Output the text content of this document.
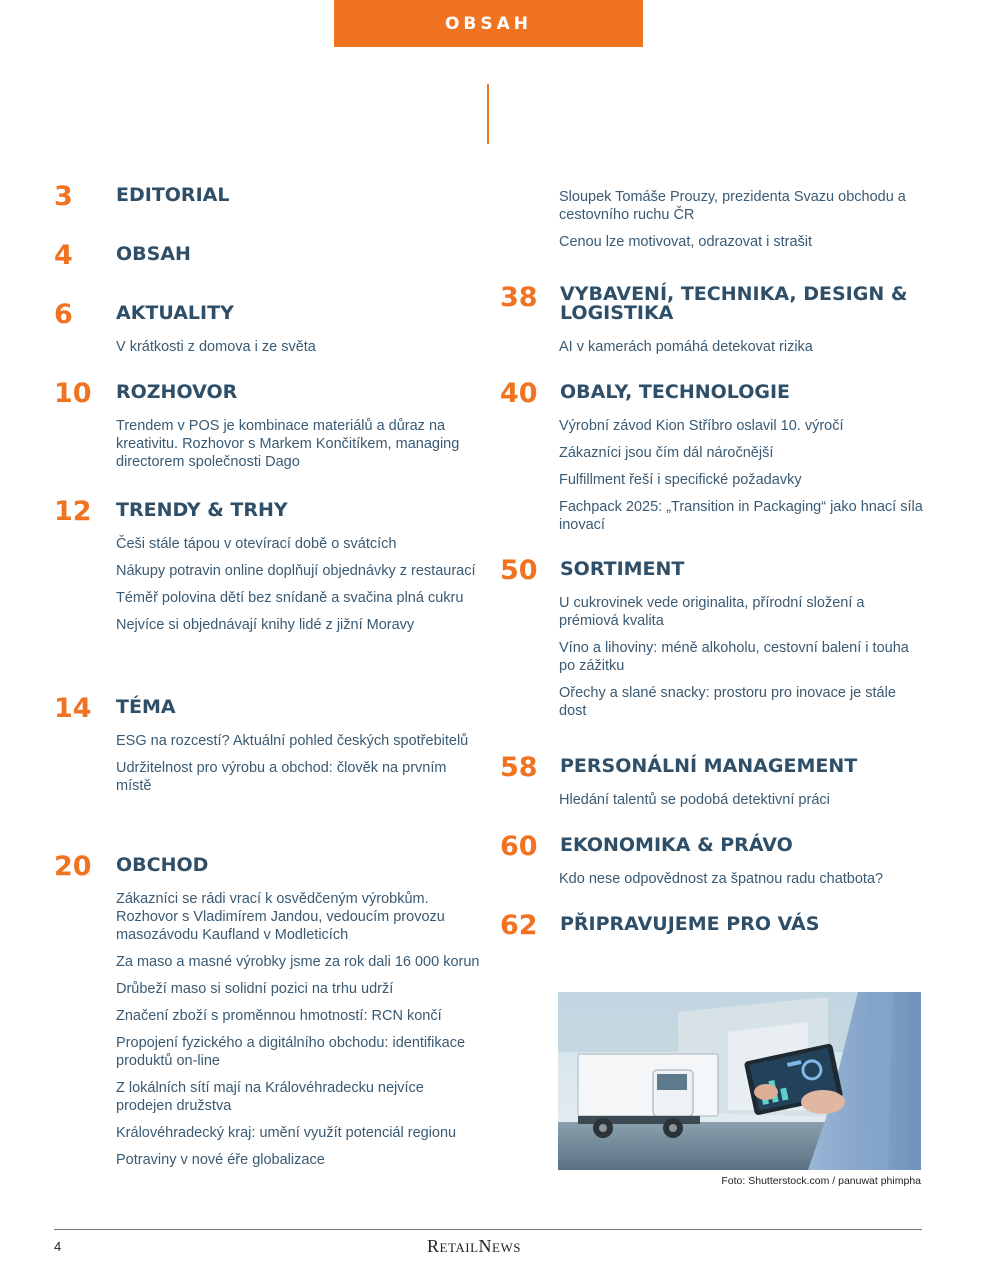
OBSAH
3 EDITORIAL
4 OBSAH
6 AKTUALITY
V krátkosti z domova i ze světa
10 ROZHOVOR
Trendem v POS je kombinace materiálů a důraz na kreativitu. Rozhovor s Markem Končitíkem, managing directorem společnosti Dago
12 TRENDY & TRHY
Češi stále tápou v otevírací době o svátcích
Nákupy potravin online doplňují objednávky z restaurací
Téměř polovina dětí bez snídaně a svačina plná cukru
Nejvíce si objednávají knihy lidé z jižní Moravy
14 TÉMA
ESG na rozcestí? Aktuální pohled českých spotřebitelů
Udržitelnost pro výrobu a obchod: člověk na prvním místě
20 OBCHOD
Zákazníci se rádi vrací k osvědčeným výrobkům. Rozhovor s Vladimírem Jandou, vedoucím provozu masozávodu Kaufland v Modleticích
Za maso a masné výrobky jsme za rok dali 16 000 korun
Drůbeží maso si solidní pozici na trhu udrží
Značení zboží s proměnnou hmotností: RCN končí
Propojení fyzického a digitálního obchodu: identifikace produktů on-line
Z lokálních sítí mají na Královéhradecku nejvíce prodejen družstva
Královéhradecký kraj: umění využít potenciál regionu
Potraviny v nové éře globalizace
Sloupek Tomáše Prouzy, prezidenta Svazu obchodu a cestovního ruchu ČR
Cenou lze motivovat, odrazovat i strašit
38 VYBAVENÍ, TECHNIKA, DESIGN & LOGISTIKA
AI v kamerách pomáhá detekovat rizika
40 OBALY, TECHNOLOGIE
Výrobní závod Kion Stříbro oslavil 10. výročí
Zákazníci jsou čím dál náročnější
Fulfillment řeší i specifické požadavky
Fachpack 2025: „Transition in Packaging“ jako hnací síla inovací
50 SORTIMENT
U cukrovinek vede originalita, přírodní složení a prémiová kvalita
Víno a lihoviny: méně alkoholu, cestovní balení i touha po zážitku
Ořechy a slané snacky: prostoru pro inovace je stále dost
58 PERSONÁLNÍ MANAGEMENT
Hledání talentů se podobá detektivní práci
60 EKONOMIKA & PRÁVO
Kdo nese odpovědnost za špatnou radu chatbota?
62 PŘIPRAVUJEME PRO VÁS
Foto: Shutterstock.com / panuwat phimpha
4	RETAILNEWS
